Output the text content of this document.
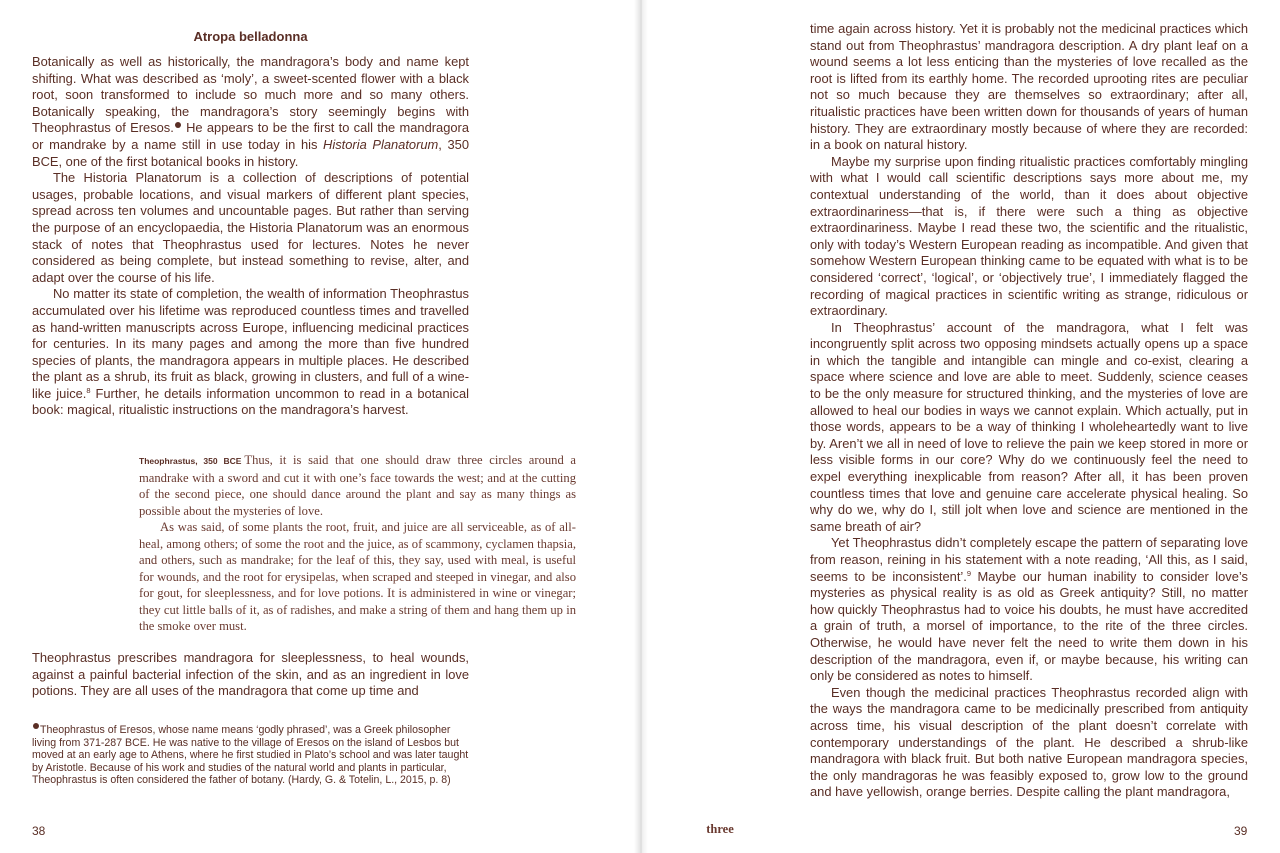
Atropa belladonna

Botanically as well as historically, the mandragora’s body and name kept shifting. What was described as ‘moly’, a sweet-scented flower with a black root, soon transformed to include so much more and so many others. Botanically speaking, the mandragora’s story seemingly begins with Theophrastus of Eresos. He appears to be the first to call the mandragora or mandrake by a name still in use today in his Historia Planatorum, 350 BCE, one of the first botanical books in history.

The Historia Planatorum is a collection of descriptions of potential usages, probable locations, and visual markers of different plant species, spread across ten volumes and uncountable pages. But rather than serving the purpose of an encyclopaedia, the Historia Planatorum was an enormous stack of notes that Theophrastus used for lectures. Notes he never considered as being complete, but instead something to revise, alter, and adapt over the course of his life.

No matter its state of completion, the wealth of information Theophrastus accumulated over his lifetime was reproduced countless times and travelled as hand-written manuscripts across Europe, influencing medicinal practices for centuries. In its many pages and among the more than five hundred species of plants, the mandragora appears in multiple places. He described the plant as a shrub, its fruit as black, growing in clusters, and full of a wine-like juice.$^8$ Further, he details information uncommon to read in a botanical book: magical, ritualistic instructions on the mandragora’s harvest.

Theophrastus, 350 BCE Thus, it is said that one should draw three circles around a mandrake with a sword and cut it with one’s face towards the west; and at the cutting of the second piece, one should dance around the plant and say as many things as possible about the mysteries of love.

As was said, of some plants the root, fruit, and juice are all serviceable, as of all-heal, among others; of some the root and the juice, as of scammony, cyclamen thapsia, and others, such as mandrake; for the leaf of this, they say, used with meal, is useful for wounds, and the root for erysipelas, when scraped and steeped in vinegar, and also for gout, for sleeplessness, and for love potions. It is administered in wine or vinegar; they cut little balls of it, as of radishes, and make a string of them and hang them up in the smoke over must.

Theophrastus prescribes mandragora for sleeplessness, to heal wounds, against a painful bacterial infection of the skin, and as an ingredient in love potions. They are all uses of the mandragora that come up time and

Theophrastus of Eresos, whose name means ‘godly phrased’, was a Greek philosopher living from 371-287 BCE. He was native to the village of Eresos on the island of Lesbos but moved at an early age to Athens, where he first studied in Plato’s school and was later taught by Aristotle. Because of his work and studies of the natural world and plants in particular, Theophrastus is often considered the father of botany. (Hardy, G. & Totelin, L., 2015, p. 8)

38

time again across history. Yet it is probably not the medicinal practices which stand out from Theophrastus’ mandragora description. A dry plant leaf on a wound seems a lot less enticing than the mysteries of love recalled as the root is lifted from its earthly home. The recorded uprooting rites are peculiar not so much because they are themselves so extraordinary; after all, ritualistic practices have been written down for thousands of years of human history. They are extraordinary mostly because of where they are recorded: in a book on natural history.

Maybe my surprise upon finding ritualistic practices comfortably mingling with what I would call scientific descriptions says more about me, my contextual understanding of the world, than it does about objective extraordinariness—that is, if there were such a thing as objective extraordinariness. Maybe I read these two, the scientific and the ritualistic, only with today’s Western European reading as incompatible. And given that somehow Western European thinking came to be equated with what is to be considered ‘correct’, ‘logical’, or ‘objectively true’, I immediately flagged the recording of magical practices in scientific writing as strange, ridiculous or extraordinary.

In Theophrastus’ account of the mandragora, what I felt was incongruently split across two opposing mindsets actually opens up a space in which the tangible and intangible can mingle and co-exist, clearing a space where science and love are able to meet. Suddenly, science ceases to be the only measure for structured thinking, and the mysteries of love are allowed to heal our bodies in ways we cannot explain. Which actually, put in those words, appears to be a way of thinking I wholeheartedly want to live by. Aren’t we all in need of love to relieve the pain we keep stored in more or less visible forms in our core? Why do we continuously feel the need to expel everything inexplicable from reason? After all, it has been proven countless times that love and genuine care accelerate physical healing. So why do we, why do I, still jolt when love and science are mentioned in the same breath of air?

Yet Theophrastus didn’t completely escape the pattern of separating love from reason, reining in his statement with a note reading, ‘All this, as I said, seems to be inconsistent’.$^9$ Maybe our human inability to consider love’s mysteries as physical reality is as old as Greek antiquity? Still, no matter how quickly Theophrastus had to voice his doubts, he must have accredited a grain of truth, a morsel of importance, to the rite of the three circles. Otherwise, he would have never felt the need to write them down in his description of the mandragora, even if, or maybe because, his writing can only be considered as notes to himself.

Even though the medicinal practices Theophrastus recorded align with the ways the mandragora came to be medicinally prescribed from antiquity across time, his visual description of the plant doesn’t correlate with contemporary understandings of the plant. He described a shrub-like mandragora with black fruit. But both native European mandragora species, the only mandragoras he was feasibly exposed to, grow low to the ground and have yellowish, orange berries. Despite calling the plant mandragora,

three	39
